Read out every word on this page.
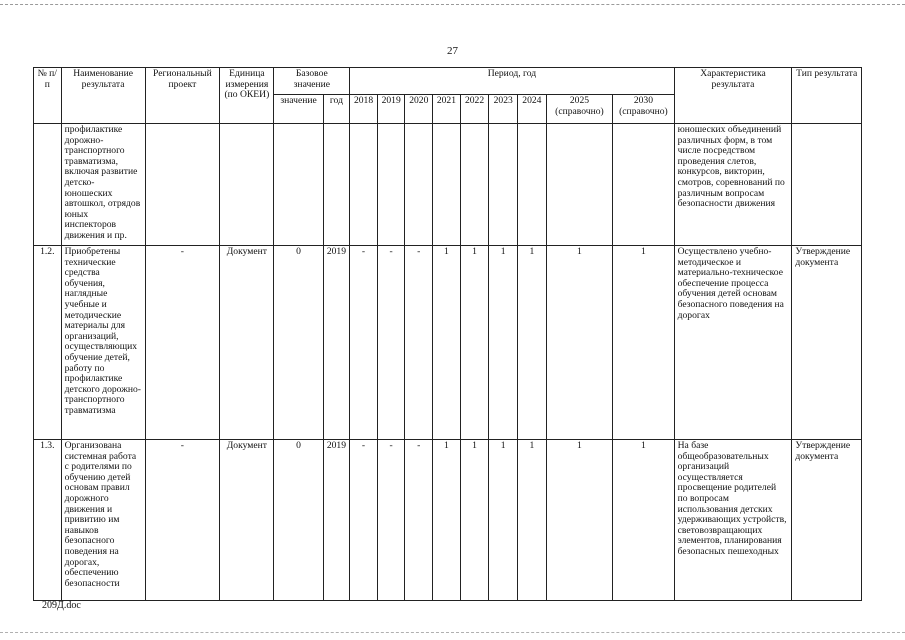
27
№ п/п	Наименование результата	Региональный проект	Единица измерения (по ОКЕИ)	Базовое значение		Период, год									Характеристика результата	Тип результата
				значение	год	2018	2019	2020	2021	2022	2023	2024	2025 (справочно)	2030 (справочно)		
	профилактике дорожно-транспортного травматизма, включая развитие детско-юношеских автошкол, отрядов юных инспекторов движения и пр.														юношеских объединений различных форм, в том числе посредством проведения слетов, конкурсов, викторин, смотров, соревнований по различным вопросам безопасности движения	
1.2.	Приобретены технические средства обучения, наглядные учебные и методические материалы для организаций, осуществляющих обучение детей, работу по профилактике детского дорожно-транспортного травматизма	-	Документ	0	2019	-	-	-	1	1	1	1	1	1	Осуществлено учебно-методическое и материально-техническое обеспечение процесса обучения детей основам безопасного поведения на дорогах	Утверждение документа
1.3.	Организована системная работа с родителями по обучению детей основам правил дорожного движения и привитию им навыков безопасного поведения на дорогах, обеспечению безопасности	-	Документ	0	2019	-	-	-	1	1	1	1	1	1	На базе общеобразовательных организаций осуществляется просвещение родителей по вопросам использования детских удерживающих устройств, световозвращающих элементов, планирования безопасных пешеходных	Утверждение документа
209Д.doc
